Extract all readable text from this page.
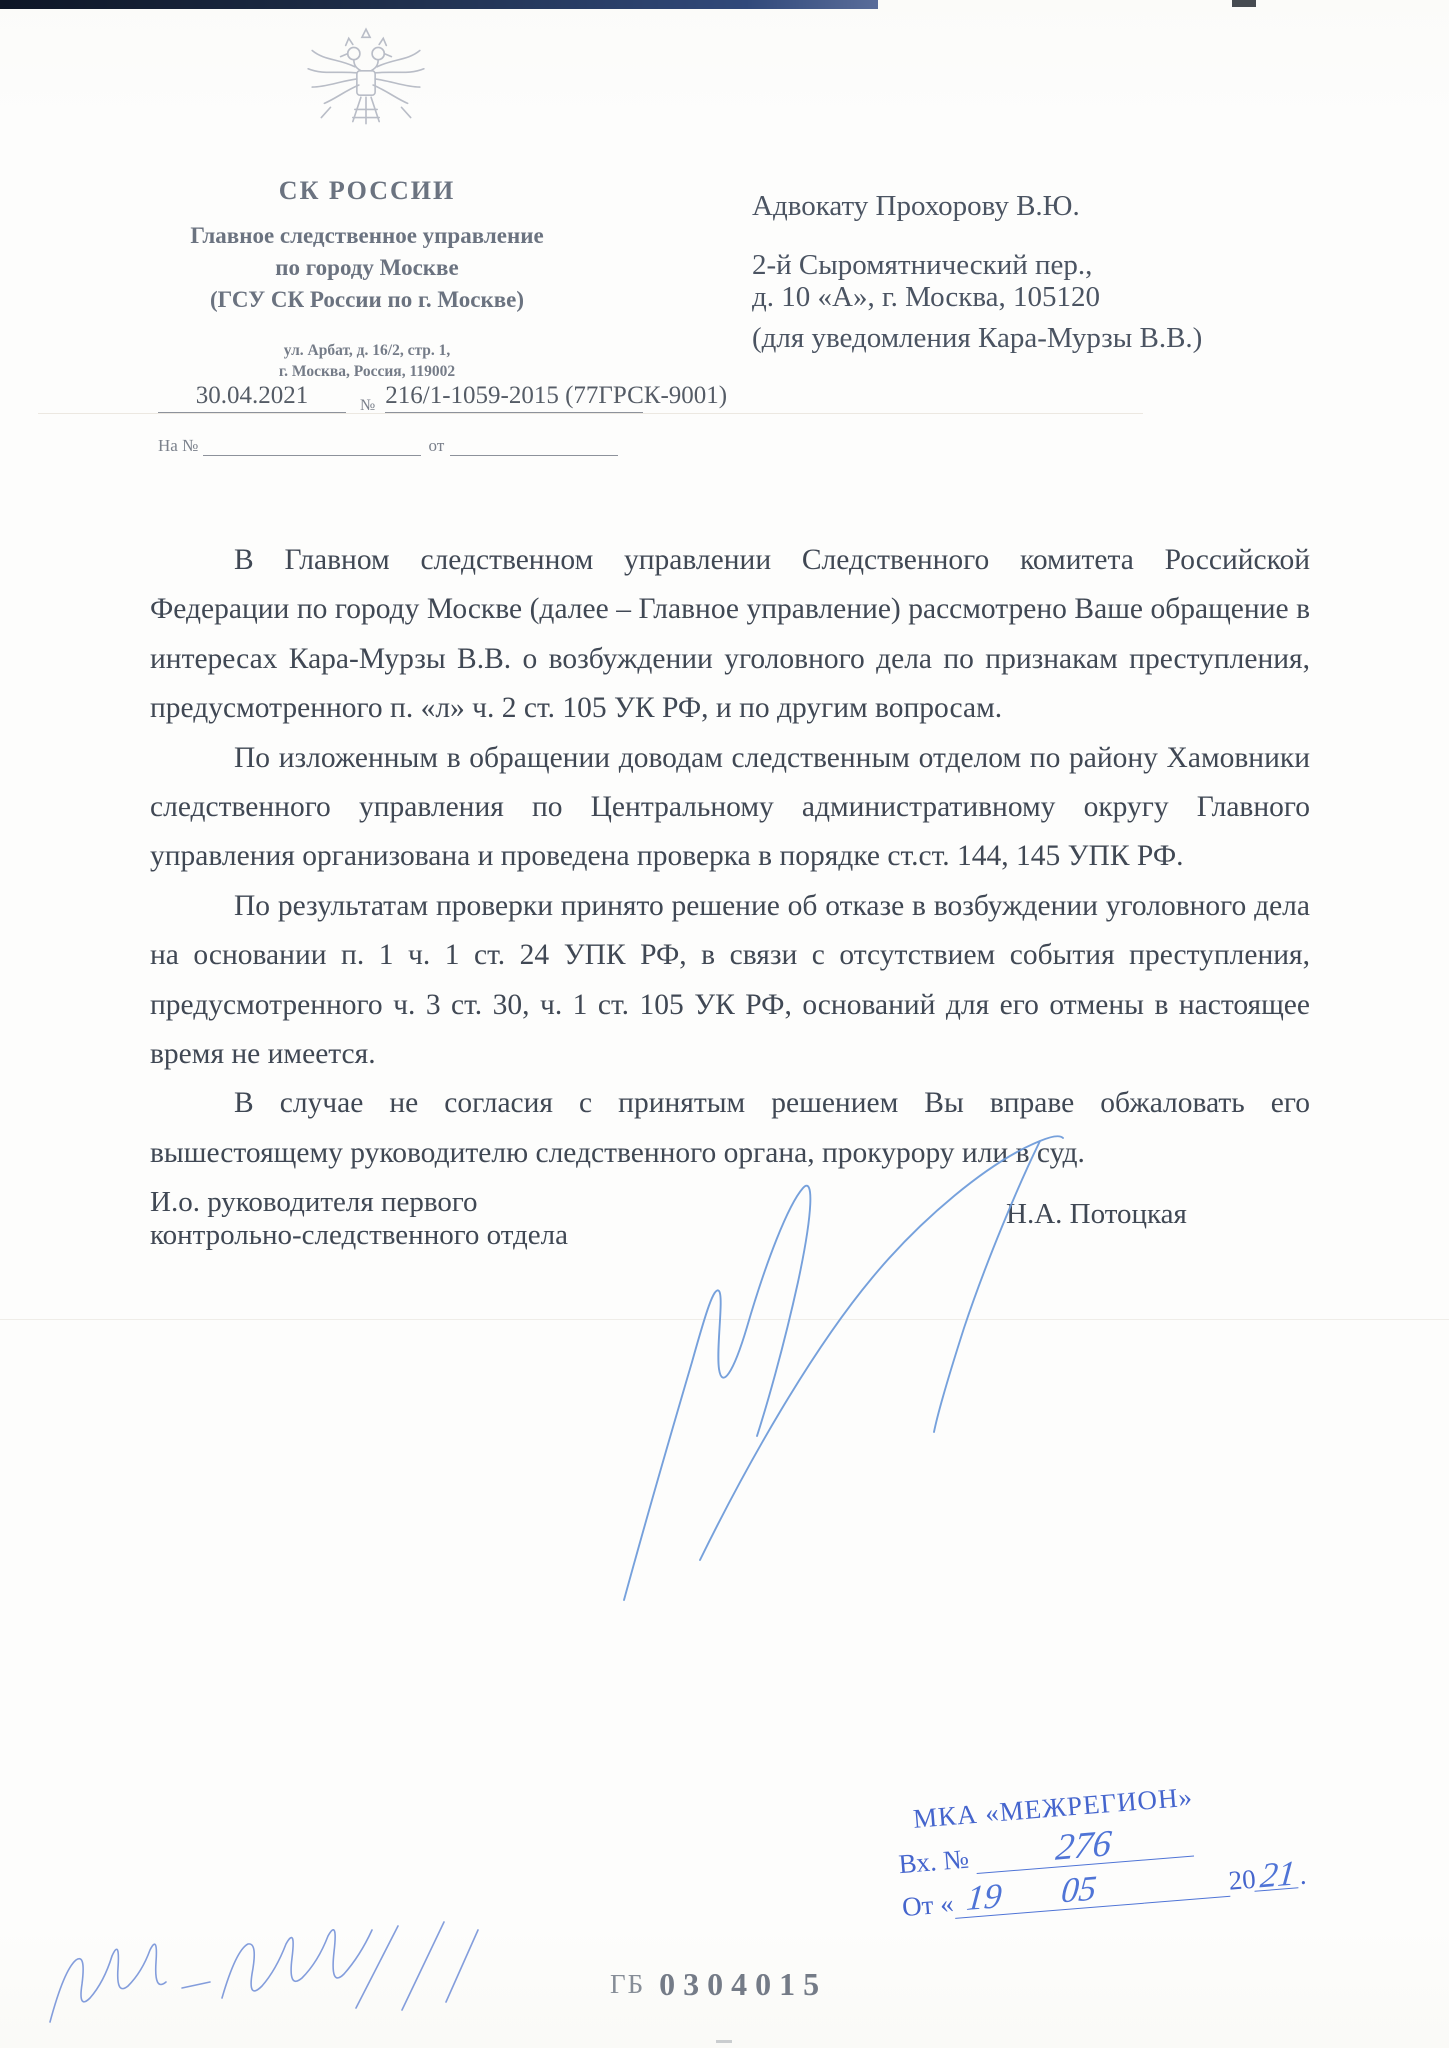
СК РОССИИ
Главное следственное управление
по городу Москве
(ГСУ СК России по г. Москве)
ул. Арбат, д. 16/2, стр. 1,
г. Москва, Россия, 119002
30.04.2021	№ 216/1-1059-2015 (77ГРСК-9001)
На №	от
Адвокату Прохорову В.Ю.
2-й Сыромятнический пер.,
д. 10 «А», г. Москва, 105120
(для уведомления Кара-Мурзы В.В.)

В Главном следственном управлении Следственного комитета Российской Федерации по городу Москве (далее – Главное управление) рассмотрено Ваше обращение в интересах Кара-Мурзы В.В. о возбуждении уголовного дела по признакам преступления, предусмотренного п. «л» ч. 2 ст. 105 УК РФ, и по другим вопросам.

По изложенным в обращении доводам следственным отделом по району Хамовники следственного управления по Центральному административному округу Главного управления организована и проведена проверка в порядке ст.ст. 144, 145 УПК РФ.

По результатам проверки принято решение об отказе в возбуждении уголовного дела на основании п. 1 ч. 1 ст. 24 УПК РФ, в связи с отсутствием события преступления, предусмотренного ч. 3 ст. 30, ч. 1 ст. 105 УК РФ, оснований для его отмены в настоящее время не имеется.

В случае не согласия с принятым решением Вы вправе обжаловать его вышестоящему руководителю следственного органа, прокурору или в суд.

И.о. руководителя первого
контрольно-следственного отдела
Н.А. Потоцкая
МКА «МЕЖРЕГИОН»
Вх. № 276
От « 19 05	2021.
ГБ 0304015
